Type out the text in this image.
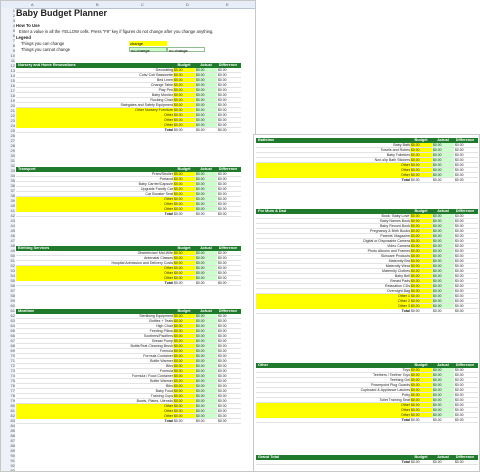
A	B	C	D	E
Baby Budget Planner
How To Use
Enter a value in all the YELLOW cells. Press "F9" key if figures do not change after you change anything.
Legend
Things you can change	change
Things you cannot change	no change	no change
Nursery and Home Renovations	Budget	Actual	Difference
Decorating $0.00	$0.00	$0.00
Cots/ Cot/ Bassinette $0.00	$0.00	$0.00
Bed Linen $0.00	$0.00	$0.00
Change Table $0.00	$0.00	$0.00
Play Pen $0.00	$0.00	$0.00
Baby Monitor $0.00	$0.00	$0.00
Rocking Chair $0.00	$0.00	$0.00
Stairgates and Safety Equipment $0.00	$0.00	$0.00
Other Nursery Furniture $0.00	$0.00	$0.00
Other $0.00	$0.00	$0.00
Other $0.00	$0.00	$0.00
Other $0.00	$0.00	$0.00
Total $0.00	$0.00	$0.00
Transport	Budget	Actual	Difference
Pram/Stroller $0.00	$0.00	$0.00
Portacot $0.00	$0.00	$0.00
Baby Carrier/Capsule $0.00	$0.00	$0.00
Upgrade Family Car $0.00	$0.00	$0.00
Car Booster Seat $0.00	$0.00	$0.00
Other $0.00	$0.00	$0.00
Other $0.00	$0.00	$0.00
Other $0.00	$0.00	$0.00
Total $0.00	$0.00	$0.00
Birthing Services	Budget	Actual	Difference
Obstetrician/ Mid-Wife $0.00	$0.00	$0.00
Antenatal Classes $0.00	$0.00	$0.00
Hospital Admission and Delivery Costs $0.00	$0.00	$0.00
Other $0.00	$0.00	$0.00
Other $0.00	$0.00	$0.00
Other $0.00	$0.00	$0.00
Total $0.00	$0.00	$0.00
Mealtime	Budget	Actual	Difference
Sterilising Equipment $0.00	$0.00	$0.00
Bottles + Teats $0.00	$0.00	$0.00
High Chair $0.00	$0.00	$0.00
Feeding Pillow $0.00	$0.00	$0.00
Soothers/Pacifiers $0.00	$0.00	$0.00
Breast Pump $0.00	$0.00	$0.00
Bottle/Teat Cleaning Brush $0.00	$0.00	$0.00
Formula $0.00	$0.00	$0.00
Formula Container $0.00	$0.00	$0.00
Bottle Warmer $0.00	$0.00	$0.00
Bibs $0.00	$0.00	$0.00
Formula $0.00	$0.00	$0.00
Formula / Food Container $0.00	$0.00	$0.00
Bottle Warmer $0.00	$0.00	$0.00
Bibs $0.00	$0.00	$0.00
Baby Food $0.00	$0.00	$0.00
Training Cups $0.00	$0.00	$0.00
Bowls, Plates, Utensils $0.00	$0.00	$0.00
Other $0.00	$0.00	$0.00
Other $0.00	$0.00	$0.00
Other $0.00	$0.00	$0.00
Total $0.00	$0.00	$0.00
1
2
3
4
5
6
7
8
9
10
11
12
13
14
15
16
17
18
19
20
21
22
23
24
25
26
27
28
29
30
31
32
33
34
35
36
37
38
39
40
41
42
43
44
45
46
47
48
49
50
51
52
53
54
55
56
57
58
59
60
61
62
63
64
65
66
67
68
69
70
71
72
73
74
75
76
77
78
79
80
81
82
83
84
85
86
87
88
89
90
91
92
93
Bathtime	Budget	Actual	Difference
Baby Bath $0.00	$0.00	$0.00
Towels and Robes $0.00	$0.00	$0.00
Baby Toiletries $0.00	$0.00	$0.00
Non-slip Bath Stickers $0.00	$0.00	$0.00
Other $0.00	$0.00	$0.00
Other $0.00	$0.00	$0.00
Other $0.00	$0.00	$0.00
Total $0.00	$0.00	$0.00
For Mum & Dad	Budget	Actual	Difference
Book: 'Baby Love' $0.00	$0.00	$0.00
Baby Names Book $0.00	$0.00	$0.00
Baby Record Book $0.00	$0.00	$0.00
Pregnancy & Birth Books $0.00	$0.00	$0.00
Parents' Magazine $0.00	$0.00	$0.00
Digital or Disposable Camera $0.00	$0.00	$0.00
Video Camera $0.00	$0.00	$0.00
Photo Albums and Frames $0.00	$0.00	$0.00
Skincare Products $0.00	$0.00	$0.00
Maternity Bra $0.00	$0.00	$0.00
Maternity Wear $0.00	$0.00	$0.00
Maternity Clothes $0.00	$0.00	$0.00
Baby Bell $0.00	$0.00	$0.00
Breast Pads $0.00	$0.00	$0.00
Relaxation CDs $0.00	$0.00	$0.00
Overnight Bag $0.00	$0.00	$0.00
Other 1 $0.00	$0.00	$0.00
Other 2 $0.00	$0.00	$0.00
Other 3 $0.00	$0.00	$0.00
Total $0.00	$0.00	$0.00
Other	Budget	Actual	Difference
Toys $0.00	$0.00	$0.00
Teethers / Teether Toys $0.00	$0.00	$0.00
Teething Gel $0.00	$0.00	$0.00
Powerpoint Plug Guards $0.00	$0.00	$0.00
Cupboard & Appliance Latches $0.00	$0.00	$0.00
Potty $0.00	$0.00	$0.00
Toilet Training Seat $0.00	$0.00	$0.00
Other $0.00	$0.00	$0.00
Other $0.00	$0.00	$0.00
Other $0.00	$0.00	$0.00
Total $0.00	$0.00	$0.00
Grand Total	Budget	Actual	Difference
Total $0.00	$0.00	$0.00
